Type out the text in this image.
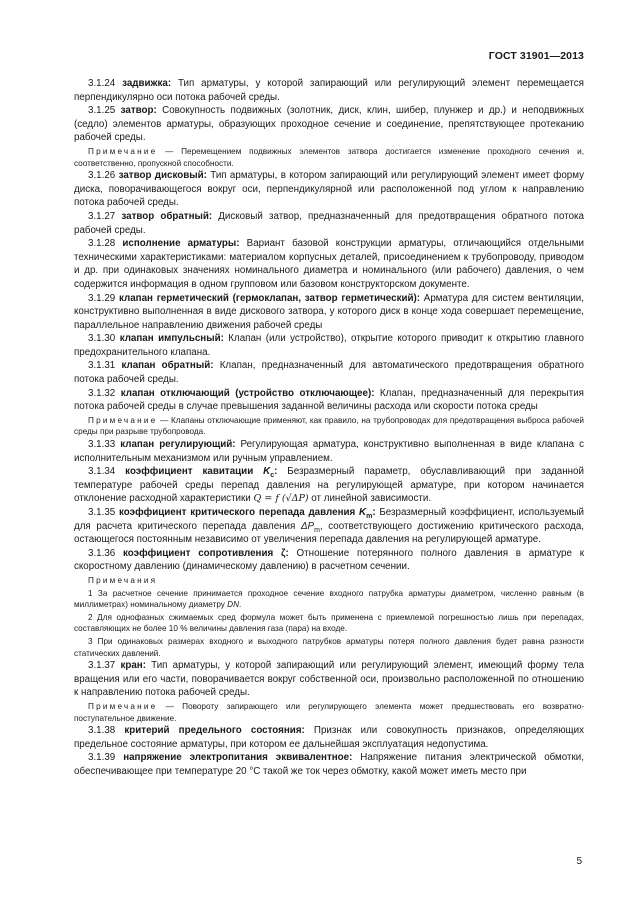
ГОСТ 31901—2013

3.1.24 задвижка: Тип арматуры, у которой запирающий или регулирующий элемент перемещается перпендикулярно оси потока рабочей среды.

3.1.25 затвор: Совокупность подвижных (золотник, диск, клин, шибер, плунжер и др.) и неподвижных (седло) элементов арматуры, образующих проходное сечение и соединение, препятствующее протеканию рабочей среды.

Примечание — Перемещением подвижных элементов затвора достигается изменение проходного сечения и, соответственно, пропускной способности.

3.1.26 затвор дисковый: Тип арматуры, в котором запирающий или регулирующий элемент имеет форму диска, поворачивающегося вокруг оси, перпендикулярной или расположенной под углом к направлению потока рабочей среды.

3.1.27 затвор обратный: Дисковый затвор, предназначенный для предотвращения обратного потока рабочей среды.

3.1.28 исполнение арматуры: Вариант базовой конструкции арматуры, отличающийся отдельными техническими характеристиками: материалом корпусных деталей, присоединением к трубопроводу, приводом и др. при одинаковых значениях номинального диаметра и номинального (или рабочего) давления, о чем содержится информация в одном групповом или базовом конструкторском документе.

3.1.29 клапан герметический (гермоклапан, затвор герметический): Арматура для систем вентиляции, конструктивно выполненная в виде дискового затвора, у которого диск в конце хода совершает перемещение, параллельное направлению движения рабочей среды

3.1.30 клапан импульсный: Клапан (или устройство), открытие которого приводит к открытию главного предохранительного клапана.

3.1.31 клапан обратный: Клапан, предназначенный для автоматического предотвращения обратного потока рабочей среды.

3.1.32 клапан отключающий (устройство отключающее): Клапан, предназначенный для перекрытия потока рабочей среды в случае превышения заданной величины расхода или скорости потока среды

Примечание — Клапаны отключающие применяют, как правило, на трубопроводах для предотвращения выброса рабочей среды при разрыве трубопровода.

3.1.33 клапан регулирующий: Регулирующая арматура, конструктивно выполненная в виде клапана с исполнительным механизмом или ручным управлением.

3.1.34 коэффициент кавитации $K_c$: Безразмерный параметр, обуславливающий при заданной температуре рабочей среды перепад давления на регулирующей арматуре, при котором начинается отклонение расходной характеристики Q = f (√ΔP) от линейной зависимости.

3.1.35 коэффициент критического перепада давления $K_m$: Безразмерный коэффициент, используемый для расчета критического перепада давления $\Delta P_m$, соответствующего достижению критического расхода, остающегося постоянным независимо от увеличения перепада давления на регулирующей арматуре.

3.1.36 коэффициент сопротивления ζ: Отношение потерянного полного давления в арматуре к скоростному давлению (динамическому давлению) в расчетном сечении.

Примечания

1 За расчетное сечение принимается проходное сечение входного патрубка арматуры диаметром, численно равным (в миллиметрах) номинальному диаметру DN.

2 Для однофазных сжимаемых сред формула может быть применена с приемлемой погрешностью лишь при перепадах, составляющих не более 10 % величины давления газа (пара) на входе.

3 При одинаковых размерах входного и выходного патрубков арматуры потеря полного давления будет равна разности статических давлений.

3.1.37 кран: Тип арматуры, у которой запирающий или регулирующий элемент, имеющий форму тела вращения или его части, поворачивается вокруг собственной оси, произвольно расположенной по отношению к направлению потока рабочей среды.

Примечание — Повороту запирающего или регулирующего элемента может предшествовать его возвратно-поступательное движение.

3.1.38 критерий предельного состояния: Признак или совокупность признаков, определяющих предельное состояние арматуры, при котором ее дальнейшая эксплуатация недопустима.

3.1.39 напряжение электропитания эквивалентное: Напряжение питания электрической обмотки, обеспечивающее при температуре 20 °С такой же ток через обмотку, какой может иметь место при

5
